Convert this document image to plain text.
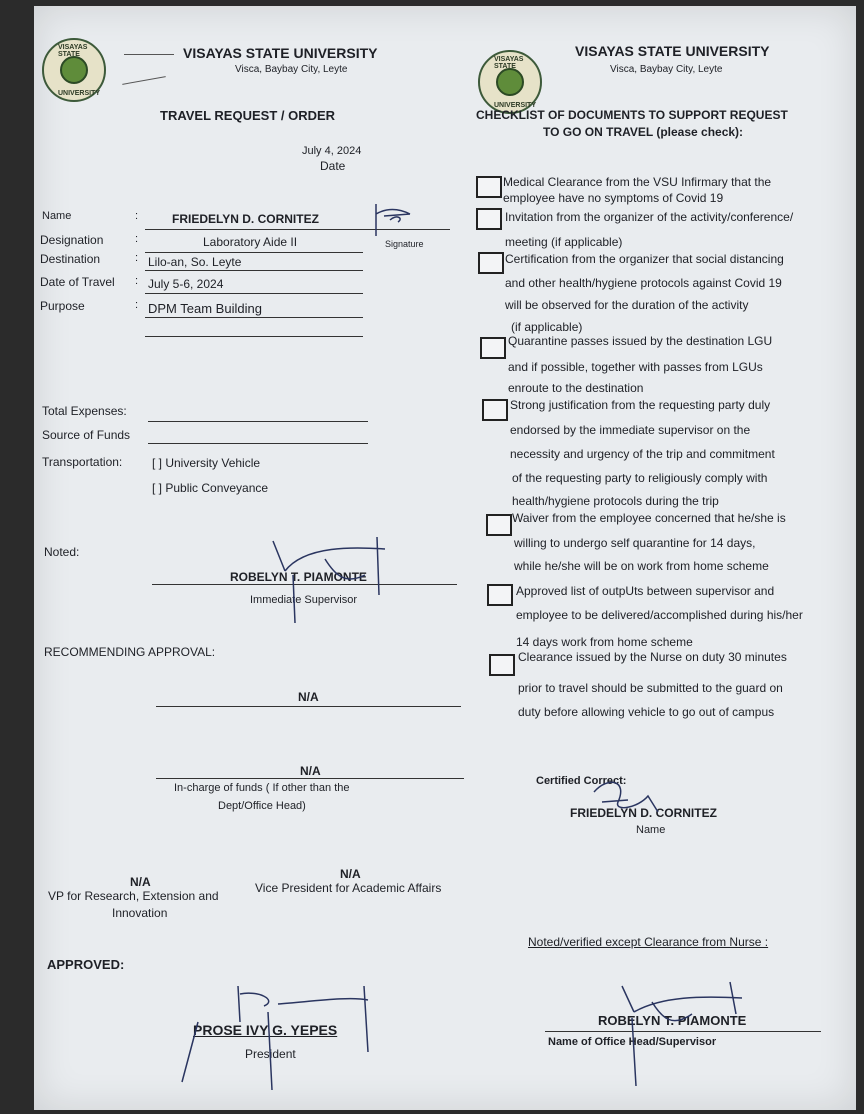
VISAYAS STATE
UNIVERSITY
VISAYAS STATE UNIVERSITY
Visca, Baybay City, Leyte
TRAVEL REQUEST / ORDER
July 4, 2024
Date
Name	:	FRIEDELYN D. CORNITEZ
Signature
Designation	:	Laboratory Aide II
Destination	: Lilo-an, So. Leyte
Date of Travel : July 5-6, 2024
Purpose	: DPM Team Building
Total Expenses:
Source of Funds
Transportation: [ ] University Vehicle
[ ] Public Conveyance
Noted:
ROBELYN T. PIAMONTE
Immediate Supervisor
RECOMMENDING APPROVAL:
N/A
N/A
In-charge of funds ( If other than the
Dept/Office Head)
N/A
VP for Research, Extension and
Innovation
N/A
Vice President for Academic Affairs
APPROVED:
PROSE IVY G. YEPES
President
VISAYAS STATE
UNIVERSITY
VISAYAS STATE UNIVERSITY
Visca, Baybay City, Leyte
CHECKLIST OF DOCUMENTS TO SUPPORT REQUEST
TO GO ON TRAVEL (please check):
Medical Clearance from the VSU Infirmary that the
employee have no symptoms of Covid 19
Invitation from the organizer of the activity/conference/
meeting (if applicable)
Certification from the organizer that social distancing
and other health/hygiene protocols against Covid 19
will be observed for the duration of the activity
(if applicable)
Quarantine passes issued by the destination LGU
and if possible, together with passes from LGUs
enroute to the destination
Strong justification from the requesting party duly
endorsed by the immediate supervisor on the
necessity and urgency of the trip and commitment
of the requesting party to religiously comply with
health/hygiene protocols during the trip
Waiver from the employee concerned that he/she is
willing to undergo self quarantine for 14 days,
while he/she will be on work from home scheme
Approved list of outpUts between supervisor and
employee to be delivered/accomplished during his/her
14 days work from home scheme
Clearance issued by the Nurse on duty 30 minutes
prior to travel should be submitted to the guard on
duty before allowing vehicle to go out of campus
Certified Correct:
FRIEDELYN D. CORNITEZ
Name
Noted/verified except Clearance from Nurse :
ROBELYN T. PIAMONTE
Name of Office Head/Supervisor
